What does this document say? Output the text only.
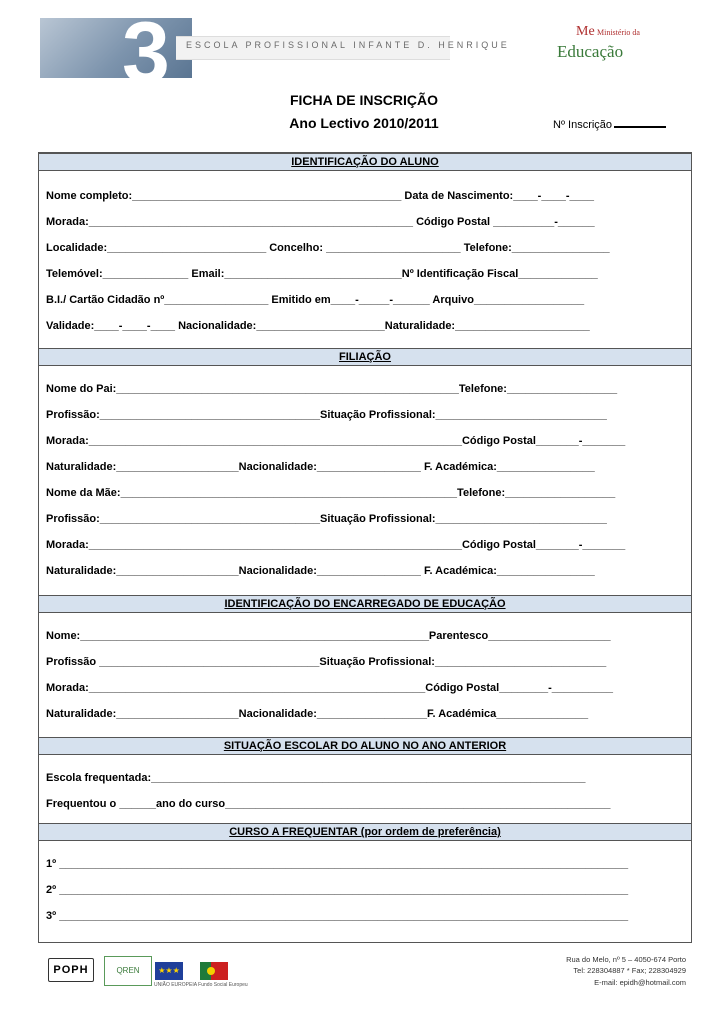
3 ESCOLA PROFISSIONAL INFANTE D. HENRIQUE
Me Ministério da
Educação
FICHA DE INSCRIÇÃO
Ano Lectivo 2010/2011	Nº Inscrição
IDENTIFICAÇÃO DO ALUNO
Nome completo:____________________________________________ Data de Nascimento:____-____-____
Morada:_____________________________________________________ Código Postal __________-______
Localidade:__________________________ Concelho: ______________________ Telefone:________________
Telemóvel:______________ Email:_____________________________Nº Identificação Fiscal_____________
B.I./ Cartão Cidadão nº_________________ Emitido em____-_____-______ Arquivo__________________
Validade:____-____-____ Nacionalidade:_____________________Naturalidade:______________________
FILIAÇÃO
Nome do Pai:________________________________________________________Telefone:__________________
Profissão:____________________________________Situação Profissional:____________________________
Morada:_____________________________________________________________Código Postal_______-_______
Naturalidade:____________________Nacionalidade:_________________ F. Académica:________________
Nome da Mãe:_______________________________________________________Telefone:__________________
Profissão:____________________________________Situação Profissional:____________________________
Morada:_____________________________________________________________Código Postal_______-_______
Naturalidade:____________________Nacionalidade:_________________ F. Académica:________________
IDENTIFICAÇÃO DO ENCARREGADO DE EDUCAÇÃO
Nome:_________________________________________________________Parentesco____________________
Profissão ____________________________________Situação Profissional:____________________________
Morada:_______________________________________________________Código Postal________-__________
Naturalidade:____________________Nacionalidade:__________________F. Académica_______________
SITUAÇÃO ESCOLAR DO ALUNO NO ANO ANTERIOR
Escola frequentada:_______________________________________________________________________
Frequentou o ______ano do curso_______________________________________________________________
CURSO A FREQUENTAR (por ordem de preferência)
1º _____________________________________________________________________________________________
2º _____________________________________________________________________________________________
3º _____________________________________________________________________________________________
POPH	QREN	★★★
UNIÃO EUROPEIA Fundo Social Europeu
Rua do Melo, nº 5 – 4050-674 Porto
Tel: 228304887 * Fax; 228304929
E-mail: epidh@hotmail.com
